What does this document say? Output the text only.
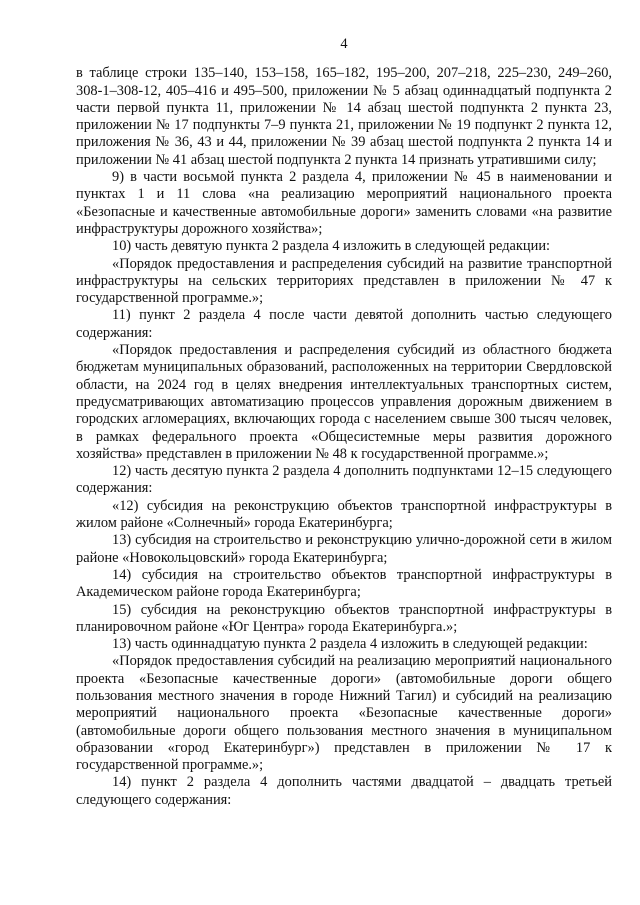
4

в таблице строки 135–140, 153–158, 165–182, 195–200, 207–218, 225–230, 249–260, 308-1–308-12, 405–416 и 495–500, приложении № 5 абзац одиннадцатый подпункта 2 части первой пункта 11, приложении № 14 абзац шестой подпункта 2 пункта 23, приложении № 17 подпункты 7–9 пункта 21, приложении № 19 подпункт 2 пункта 12, приложения № 36, 43 и 44, приложении № 39 абзац шестой подпункта 2 пункта 14 и приложении № 41 абзац шестой подпункта 2 пункта 14 признать утратившими силу;

9) в части восьмой пункта 2 раздела 4, приложении № 45 в наименовании и пунктах 1 и 11 слова «на реализацию мероприятий национального проекта «Безопасные и качественные автомобильные дороги» заменить словами «на развитие инфраструктуры дорожного хозяйства»;

10) часть девятую пункта 2 раздела 4 изложить в следующей редакции:

«Порядок предоставления и распределения субсидий на развитие транспортной инфраструктуры на сельских территориях представлен в приложении № 47 к государственной программе.»;

11) пункт 2 раздела 4 после части девятой дополнить частью следующего содержания:

«Порядок предоставления и распределения субсидий из областного бюджета бюджетам муниципальных образований, расположенных на территории Свердловской области, на 2024 год в целях внедрения интеллектуальных транспортных систем, предусматривающих автоматизацию процессов управления дорожным движением в городских агломерациях, включающих города с населением свыше 300 тысяч человек, в рамках федерального проекта «Общесистемные меры развития дорожного хозяйства» представлен в приложении № 48 к государственной программе.»;

12) часть десятую пункта 2 раздела 4 дополнить подпунктами 12–15 следующего содержания:

«12) субсидия на реконструкцию объектов транспортной инфраструктуры в жилом районе «Солнечный» города Екатеринбурга;

13) субсидия на строительство и реконструкцию улично-дорожной сети в жилом районе «Новокольцовский» города Екатеринбурга;

14) субсидия на строительство объектов транспортной инфраструктуры в Академическом районе города Екатеринбурга;

15) субсидия на реконструкцию объектов транспортной инфраструктуры в планировочном районе «Юг Центра» города Екатеринбурга.»;

13) часть одиннадцатую пункта 2 раздела 4 изложить в следующей редакции:

«Порядок предоставления субсидий на реализацию мероприятий национального проекта «Безопасные качественные дороги» (автомобильные дороги общего пользования местного значения в городе Нижний Тагил) и субсидий на реализацию мероприятий национального проекта «Безопасные качественные дороги» (автомобильные дороги общего пользования местного значения в муниципальном образовании «город Екатеринбург») представлен в приложении № 17 к государственной программе.»;

14) пункт 2 раздела 4 дополнить частями двадцатой – двадцать третьей следующего содержания:
